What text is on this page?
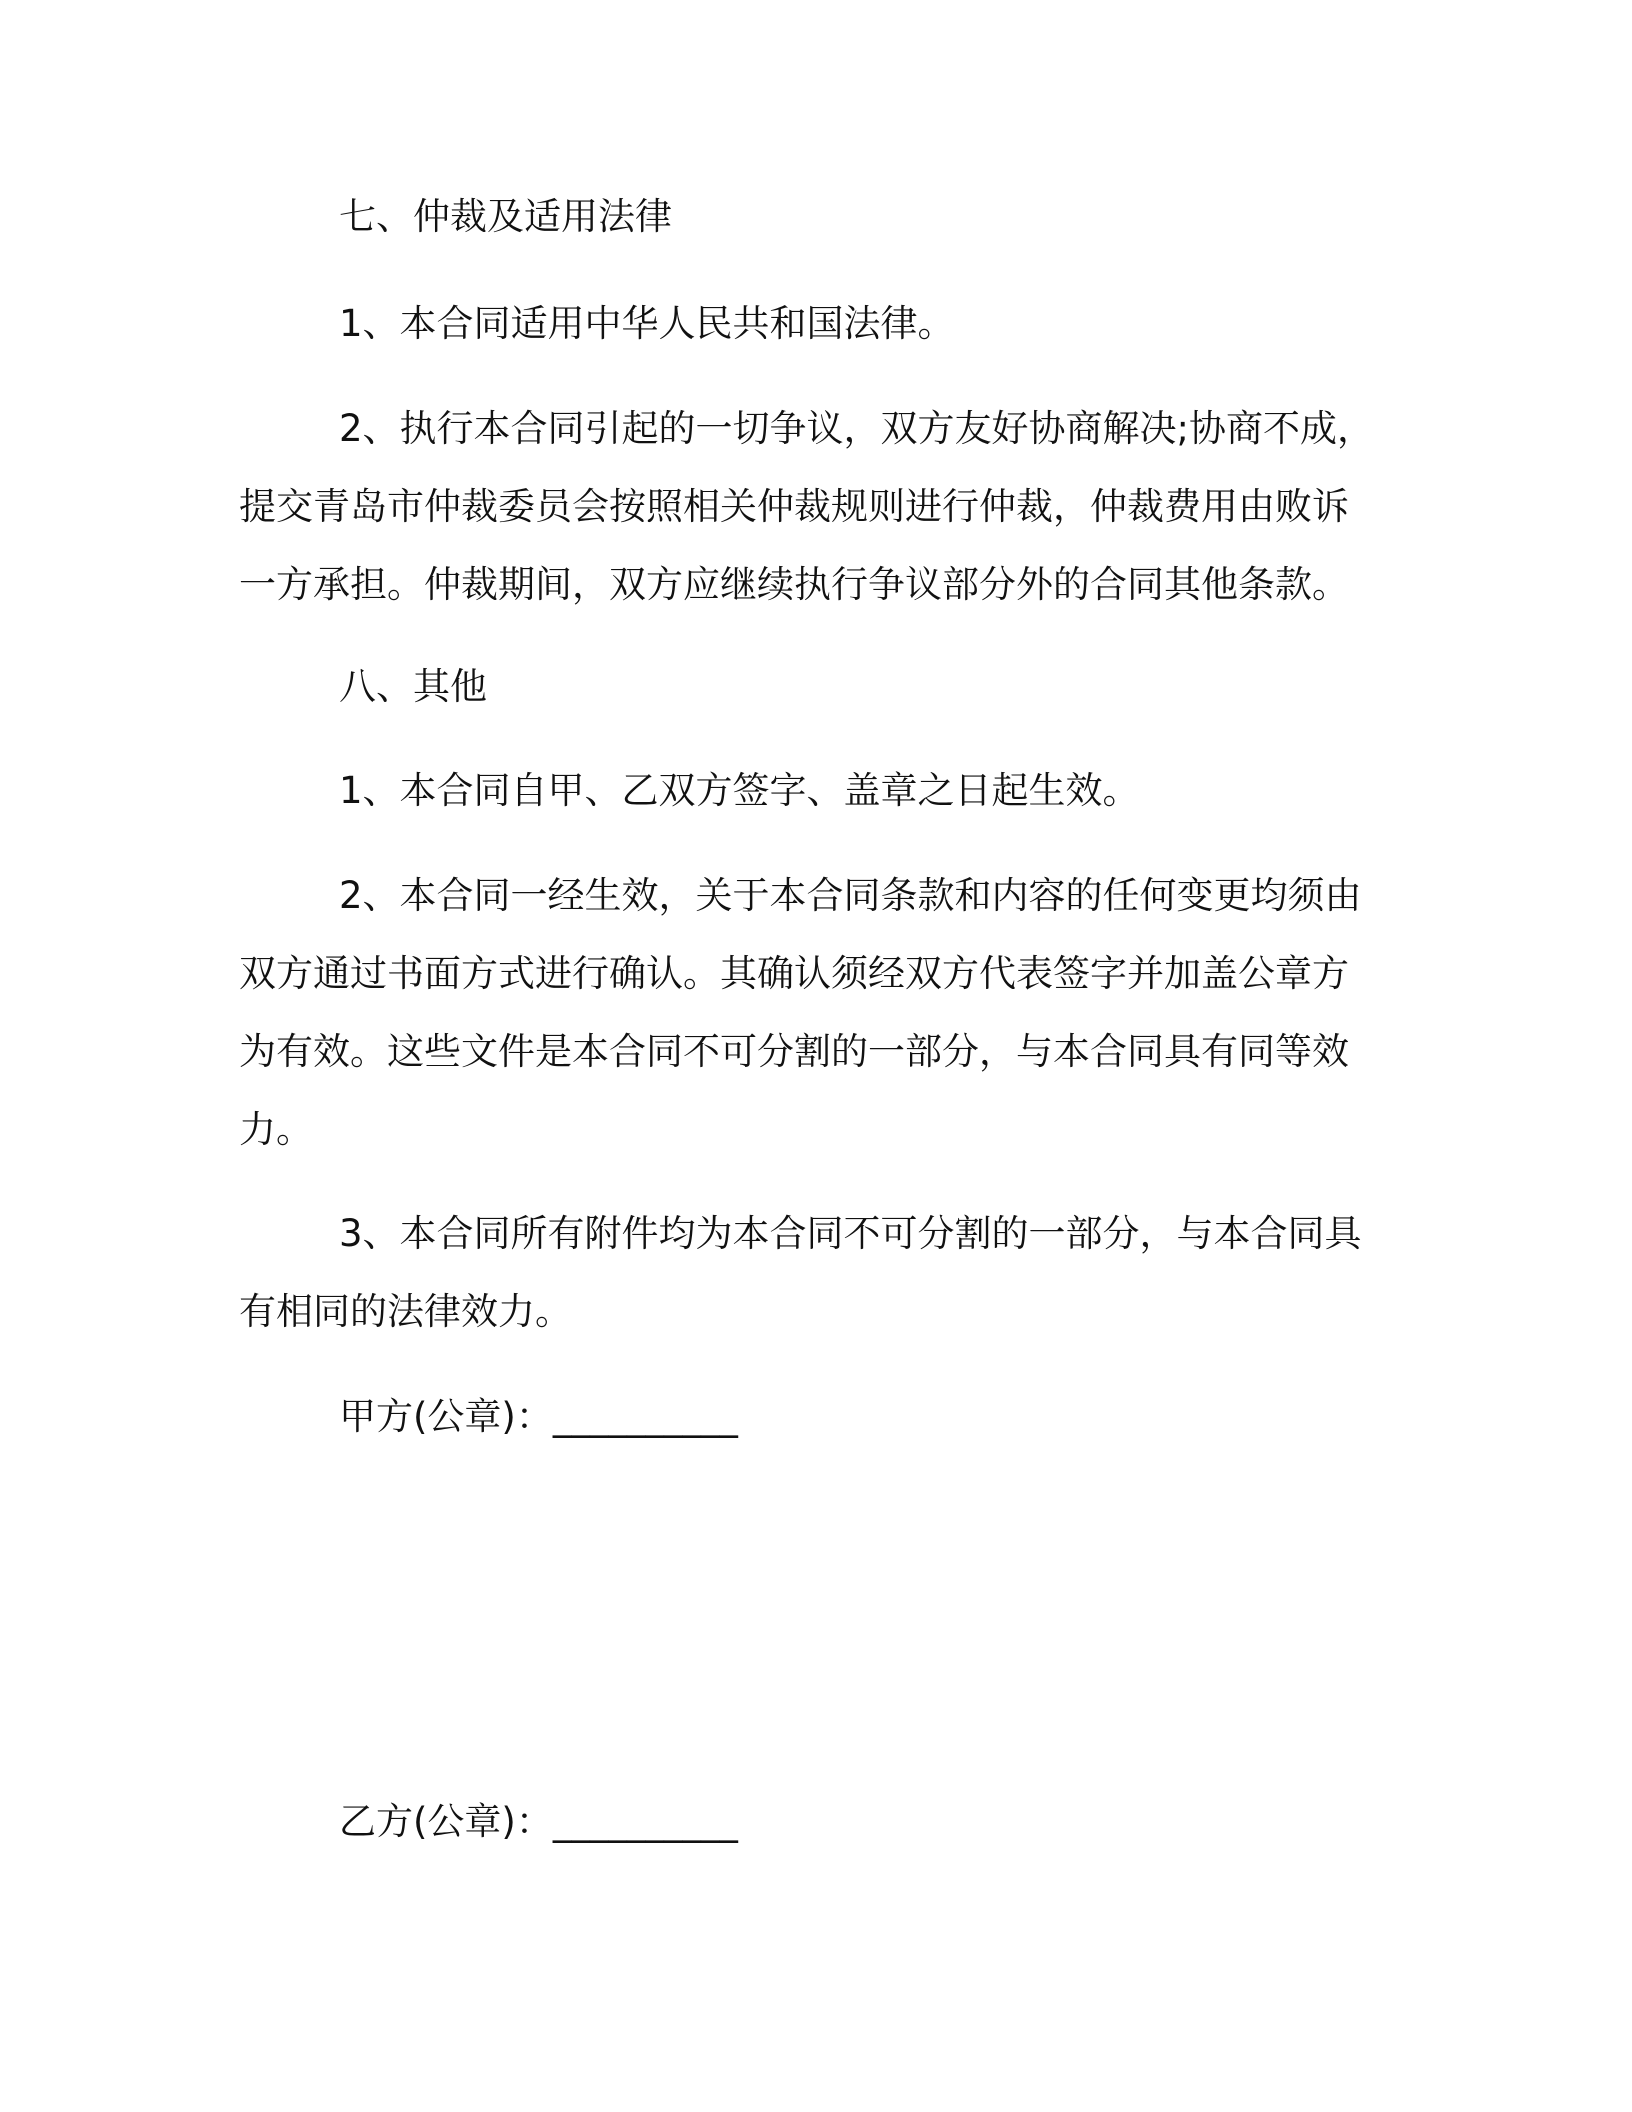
七、仲裁及适用法律
1、本合同适用中华人民共和国法律。
2、执行本合同引起的一切争议，双方友好协商解决;协商不成，
提交青岛市仲裁委员会按照相关仲裁规则进行仲裁，仲裁费用由败诉
一方承担。仲裁期间，双方应继续执行争议部分外的合同其他条款。
八、其他
1、本合同自甲、乙双方签字、盖章之日起生效。
2、本合同一经生效，关于本合同条款和内容的任何变更均须由
双方通过书面方式进行确认。其确认须经双方代表签字并加盖公章方
为有效。这些文件是本合同不可分割的一部分，与本合同具有同等效
力。
3、本合同所有附件均为本合同不可分割的一部分，与本合同具
有相同的法律效力。
甲方(公章)：__________
乙方(公章)：__________
